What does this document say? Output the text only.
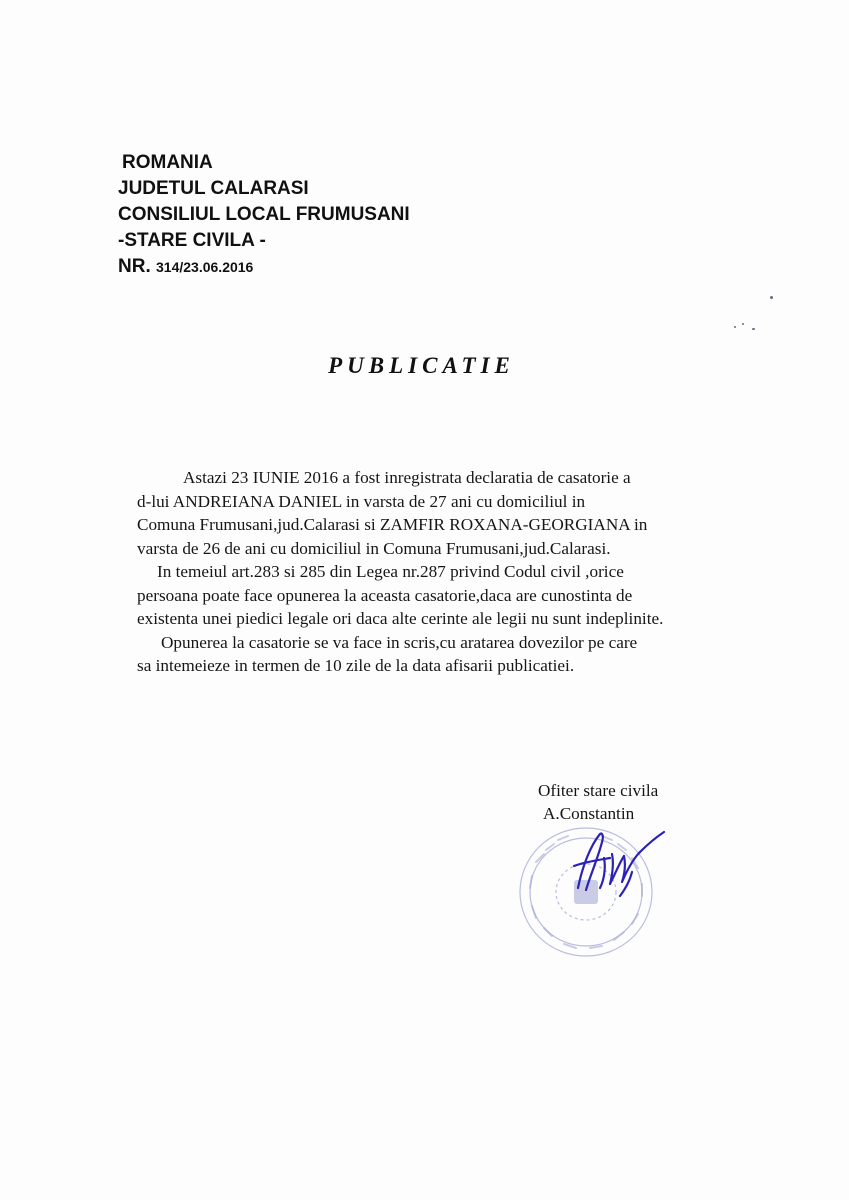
ROMANIA
JUDETUL CALARASI
CONSILIUL LOCAL FRUMUSANI
-STARE CIVILA -
NR. 314/23.06.2016
PUBLICATIE

Astazi 23 IUNIE 2016 a fost inregistrata declaratia de casatorie a

d-lui ANDREIANA DANIEL in varsta de 27 ani cu domiciliul in

Comuna Frumusani,jud.Calarasi si ZAMFIR ROXANA-GEORGIANA in

varsta de 26 de ani cu domiciliul in Comuna Frumusani,jud.Calarasi.

In temeiul art.283 si 285 din Legea nr.287 privind Codul civil ,orice

persoana poate face opunerea la aceasta casatorie,daca are cunostinta de

existenta unei piedici legale ori daca alte cerinte ale legii nu sunt indeplinite.

Opunerea la casatorie se va face in scris,cu aratarea dovezilor pe care

sa intemeieze in termen de 10 zile de la data afisarii publicatiei.

Ofiter stare civila
A.Constantin
